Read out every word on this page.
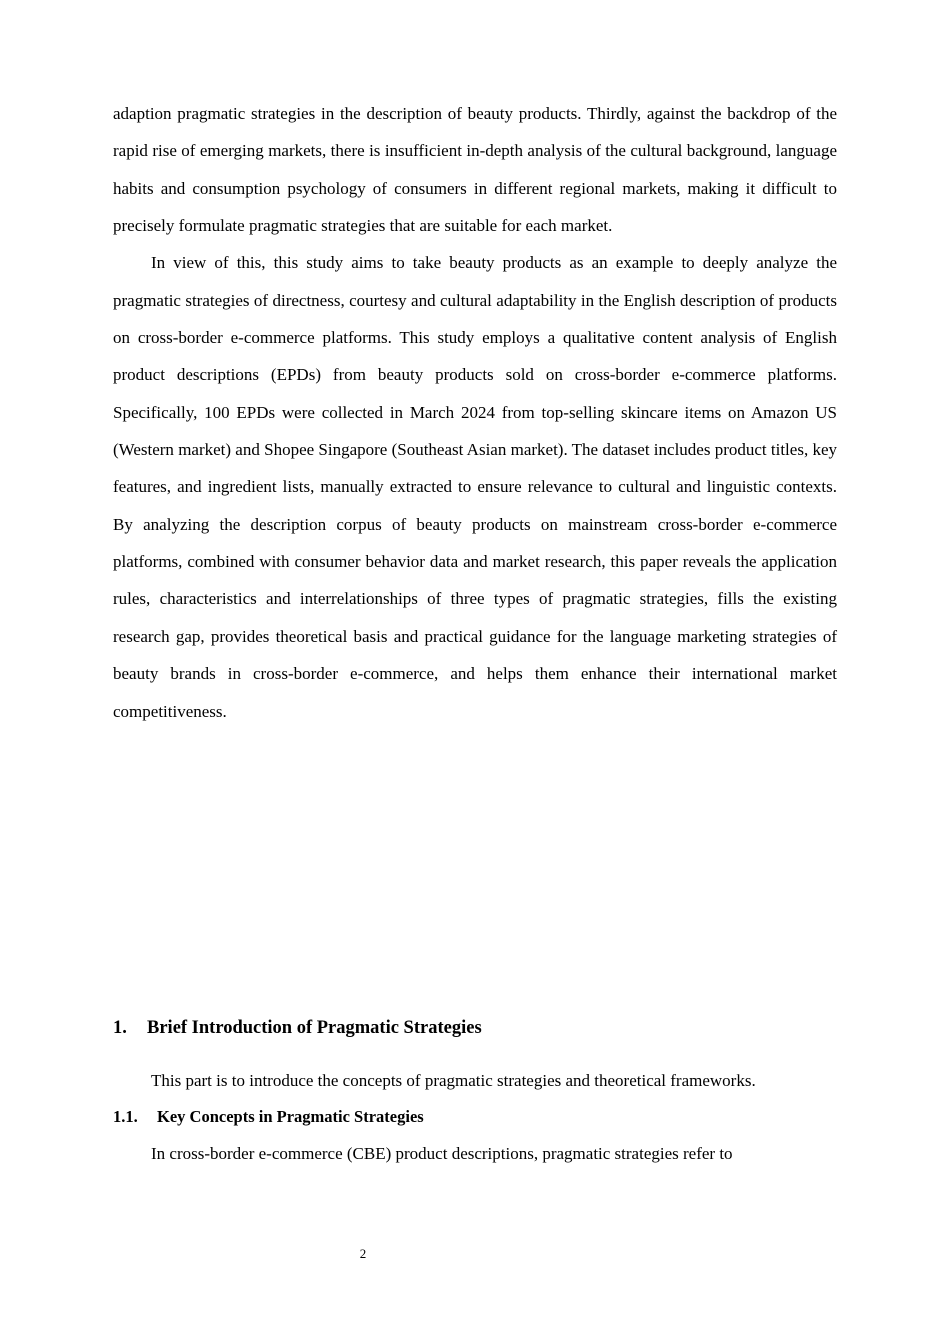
adaption pragmatic strategies in the description of beauty products. Thirdly, against the backdrop of the rapid rise of emerging markets, there is insufficient in-depth analysis of the cultural background, language habits and consumption psychology of consumers in different regional markets, making it difficult to precisely formulate pragmatic strategies that are suitable for each market.

In view of this, this study aims to take beauty products as an example to deeply analyze the pragmatic strategies of directness, courtesy and cultural adaptability in the English description of products on cross-border e-commerce platforms. This study employs a qualitative content analysis of English product descriptions (EPDs) from beauty products sold on cross-border e-commerce platforms. Specifically, 100 EPDs were collected in March 2024 from top-selling skincare items on Amazon US (Western market) and Shopee Singapore (Southeast Asian market). The dataset includes product titles, key features, and ingredient lists, manually extracted to ensure relevance to cultural and linguistic contexts. By analyzing the description corpus of beauty products on mainstream cross-border e-commerce platforms, combined with consumer behavior data and market research, this paper reveals the application rules, characteristics and interrelationships of three types of pragmatic strategies, fills the existing research gap, provides theoretical basis and practical guidance for the language marketing strategies of beauty brands in cross-border e-commerce, and helps them enhance their international market competitiveness.

1. Brief Introduction of Pragmatic Strategies

This part is to introduce the concepts of pragmatic strategies and theoretical frameworks.

1.1. Key Concepts in Pragmatic Strategies

In cross-border e-commerce (CBE) product descriptions, pragmatic strategies refer to

2
